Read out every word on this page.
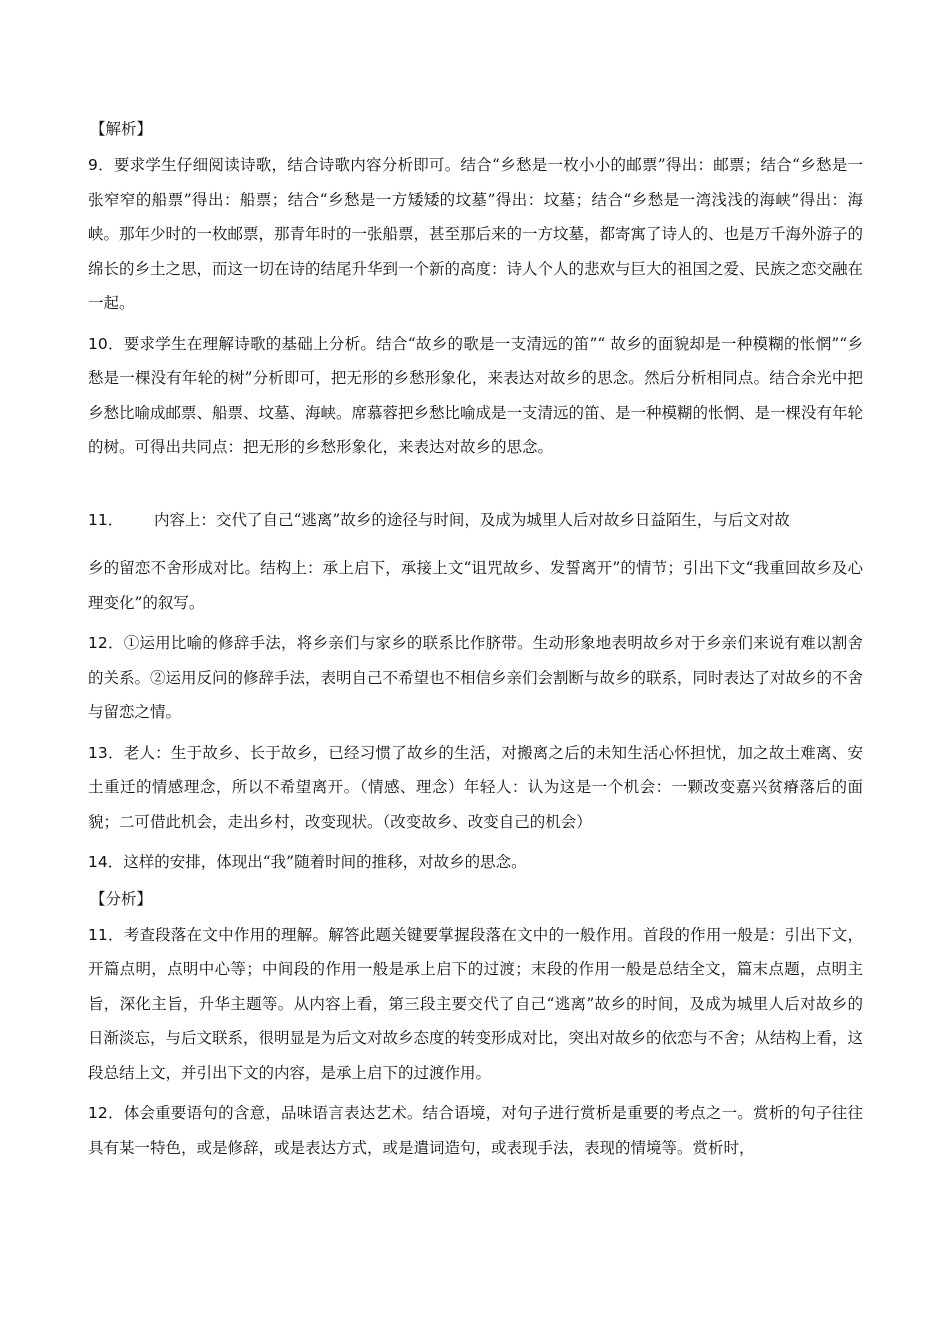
【解析】
9．要求学生仔细阅读诗歌，结合诗歌内容分析即可。结合“乡愁是一枚小小的邮票”得出：邮票；结合“乡愁是一张窄窄的船票”得出：船票；结合“乡愁是一方矮矮的坟墓”得出：坟墓；结合“乡愁是一湾浅浅的海峡”得出：海峡。那年少时的一枚邮票，那青年时的一张船票，甚至那后来的一方坟墓，都寄寓了诗人的、也是万千海外游子的绵长的乡土之思，而这一切在诗的结尾升华到一个新的高度：诗人个人的悲欢与巨大的祖国之爱、民族之恋交融在一起。
10．要求学生在理解诗歌的基础上分析。结合“故乡的歌是一支清远的笛”“ 故乡的面貌却是一种模糊的怅惘”“乡愁是一棵没有年轮的树”分析即可，把无形的乡愁形象化，来表达对故乡的思念。然后分析相同点。结合余光中把乡愁比喻成邮票、船票、坟墓、海峡。席慕蓉把乡愁比喻成是一支清远的笛、是一种模糊的怅惘、是一棵没有年轮的树。可得出共同点：把无形的乡愁形象化，来表达对故乡的思念。
11． 内容上：交代了自己“逃离”故乡的途径与时间，及成为城里人后对故乡日益陌生，与后文对故
乡的留恋不舍形成对比。结构上：承上启下，承接上文“诅咒故乡、发誓离开”的情节；引出下文“我重回故乡及心理变化”的叙写。
12．①运用比喻的修辞手法，将乡亲们与家乡的联系比作脐带。生动形象地表明故乡对于乡亲们来说有难以割舍的关系。②运用反问的修辞手法，表明自己不希望也不相信乡亲们会割断与故乡的联系，同时表达了对故乡的不舍与留恋之情。
13．老人：生于故乡、长于故乡，已经习惯了故乡的生活，对搬离之后的未知生活心怀担忧，加之故土难离、安土重迁的情感理念，所以不希望离开。（情感、理念）年轻人：认为这是一个机会：一颗改变嘉兴贫瘠落后的面貌；二可借此机会，走出乡村，改变现状。（改变故乡、改变自己的机会）
14．这样的安排，体现出“我”随着时间的推移，对故乡的思念。
【分析】
11．考查段落在文中作用的理解。解答此题关键要掌握段落在文中的一般作用。首段的作用一般是：引出下文，开篇点明，点明中心等；中间段的作用一般是承上启下的过渡；末段的作用一般是总结全文，篇末点题，点明主旨，深化主旨，升华主题等。从内容上看，第三段主要交代了自己“逃离”故乡的时间，及成为城里人后对故乡的日渐淡忘，与后文联系，很明显是为后文对故乡态度的转变形成对比，突出对故乡的依恋与不舍；从结构上看，这段总结上文，并引出下文的内容，是承上启下的过渡作用。
12．体会重要语句的含意，品味语言表达艺术。结合语境，对句子进行赏析是重要的考点之一。赏析的句子往往具有某一特色，或是修辞，或是表达方式，或是遣词造句，或表现手法，表现的情境等。赏析时，
